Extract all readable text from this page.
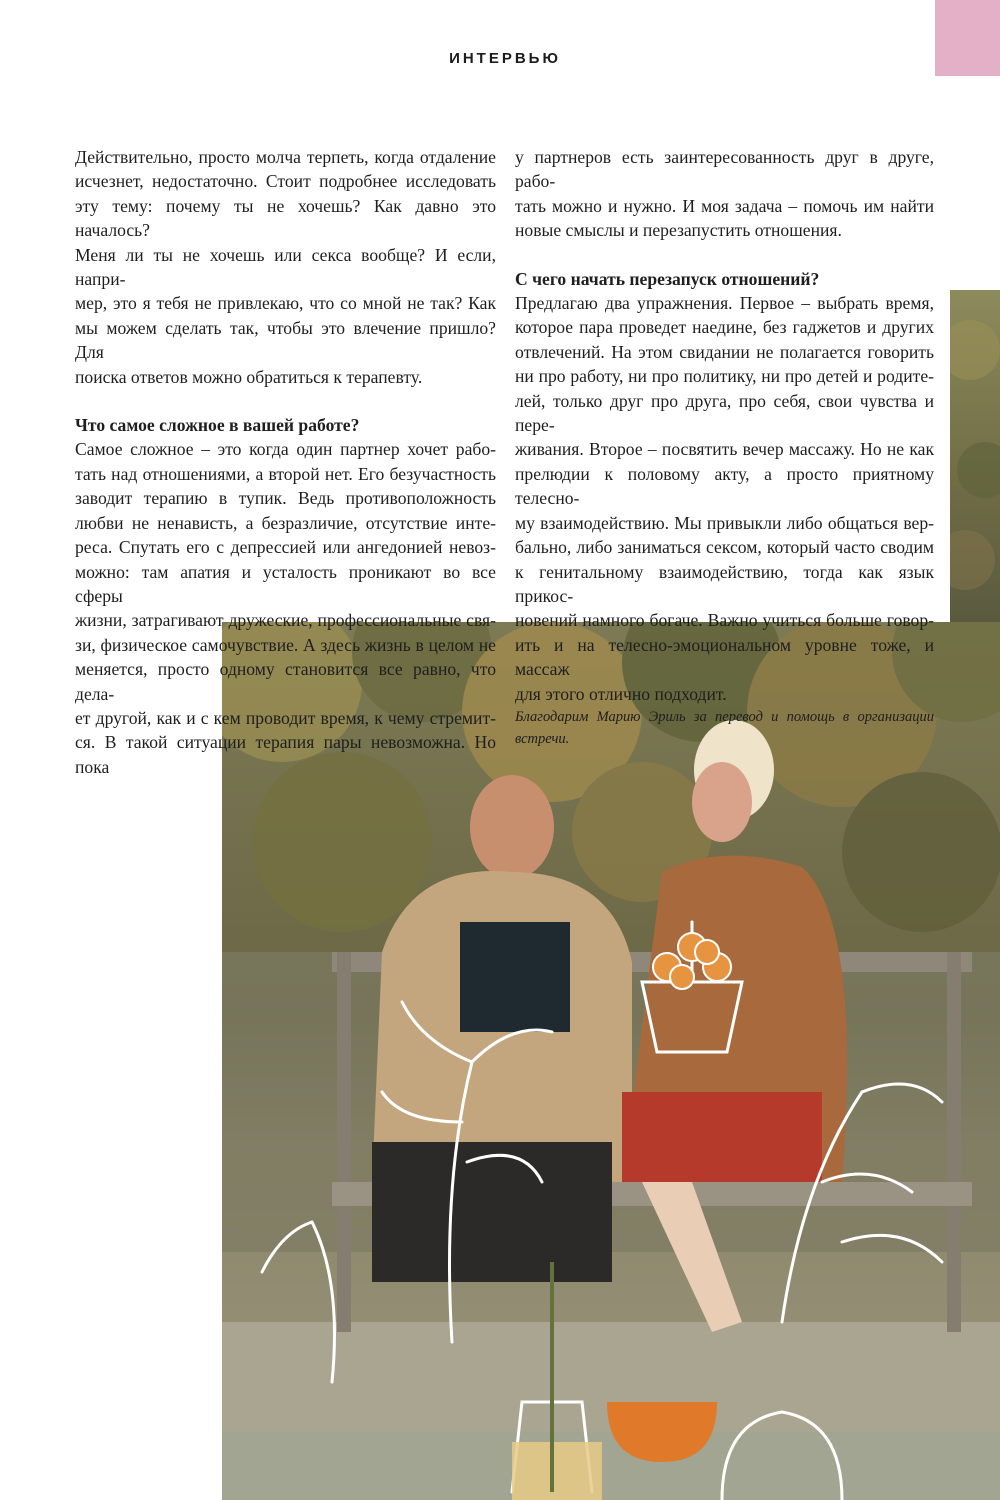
ИНТЕРВЬЮ

Действительно, просто молча терпеть, когда отдаление

исчезнет, недостаточно. Стоит подробнее исследовать

эту тему: почему ты не хочешь? Как давно это началось?

Меня ли ты не хочешь или секса вообще? И если, напри-

мер, это я тебя не привлекаю, что со мной не так? Как

мы можем сделать так, чтобы это влечение пришло? Для

поиска ответов можно обратиться к терапевту.

Что самое сложное в вашей работе?

Самое сложное – это когда один партнер хочет рабо-

тать над отношениями, а второй нет. Его безучастность

заводит терапию в тупик. Ведь противоположность

любви не ненависть, а безразличие, отсутствие инте-

реса. Спутать его с депрессией или ангедонией невоз-

можно: там апатия и усталость проникают во все сферы

жизни, затрагивают дружеские, профессиональные свя-

зи, физическое самочувствие. А здесь жизнь в целом не

меняется, просто одному становится все равно, что дела-

ет другой, как и с кем проводит время, к чему стремит-

ся. В такой ситуации терапия пары невозможна. Но пока

у партнеров есть заинтересованность друг в друге, рабо-

тать можно и нужно. И моя задача – помочь им найти

новые смыслы и перезапустить отношения.

С чего начать перезапуск отношений?

Предлагаю два упражнения. Первое – выбрать время,

которое пара проведет наедине, без гаджетов и других

отвлечений. На этом свидании не полагается говорить

ни про работу, ни про политику, ни про детей и родите-

лей, только друг про друга, про себя, свои чувства и пере-

живания. Второе – посвятить вечер массажу. Но не как

прелюдии к половому акту, а просто приятному телесно-

му взаимодействию. Мы привыкли либо общаться вер-

бально, либо заниматься сексом, который часто сводим

к генитальному взаимодействию, тогда как язык прикос-

новений намного богаче. Важно учиться больше говор-

ить и на телесно-эмоциональном уровне тоже, и массаж

для этого отлично подходит.

Благодарим Марию Эриль за перевод и помощь в организации встречи.
